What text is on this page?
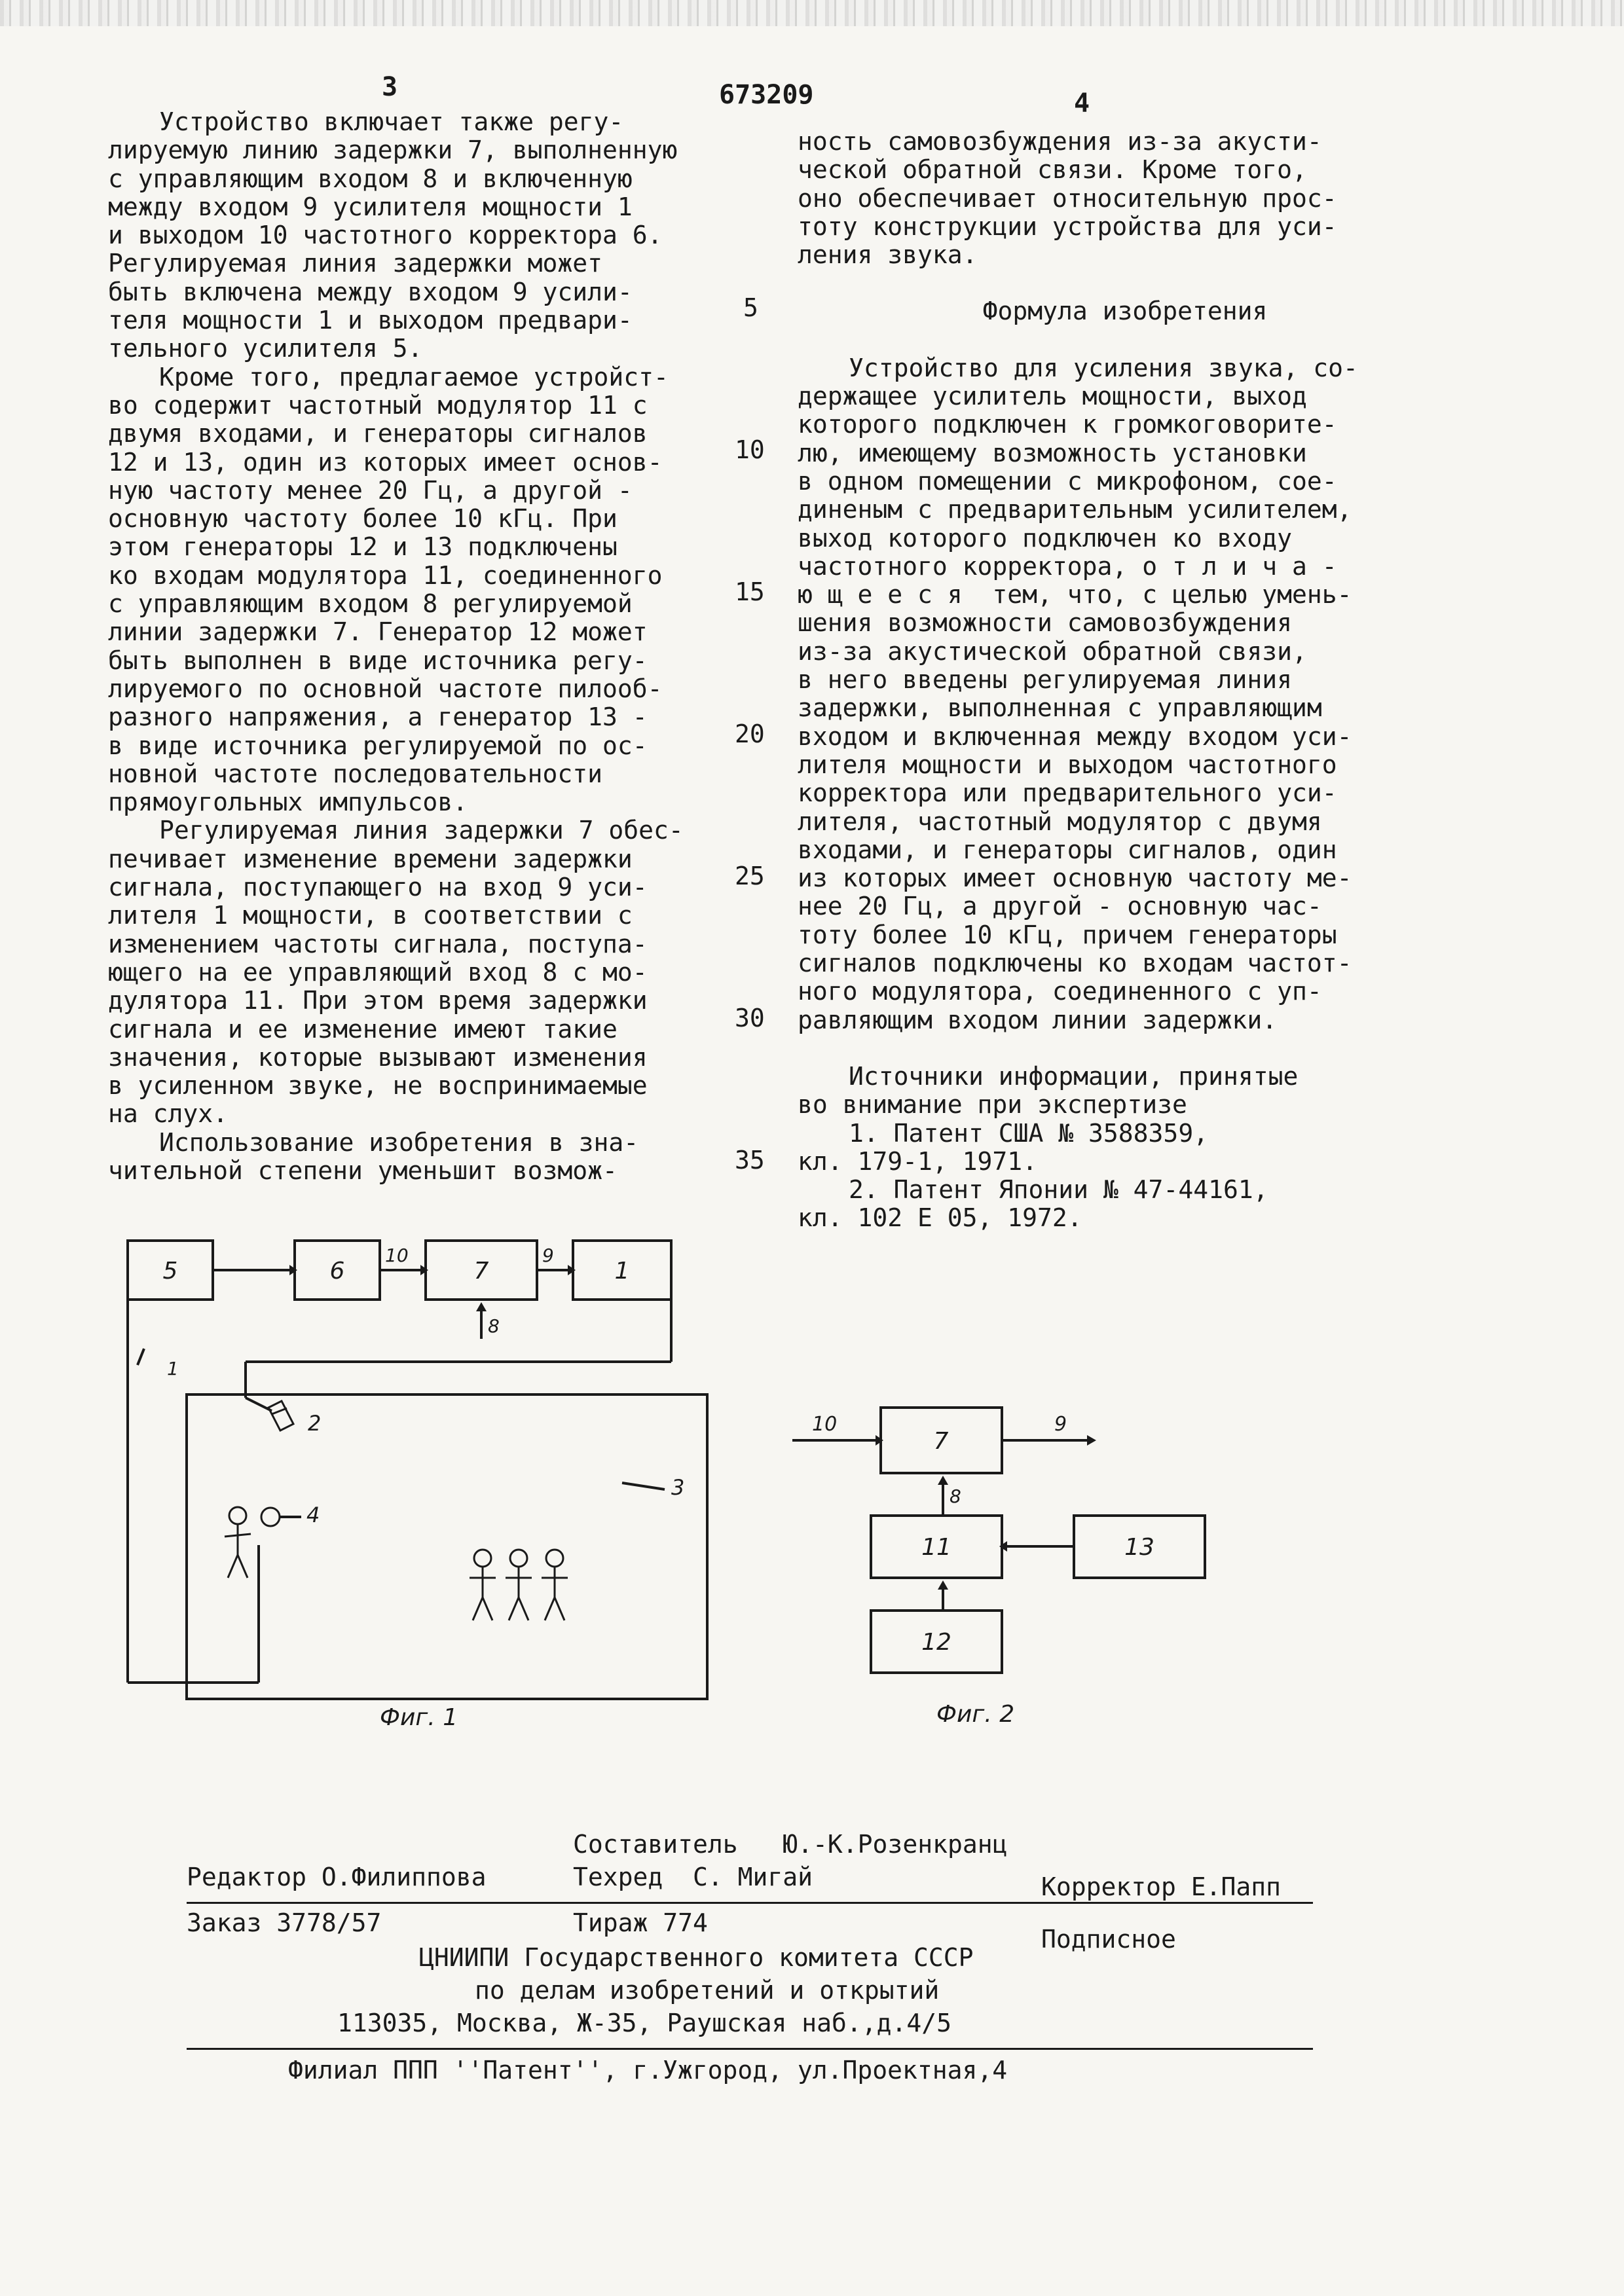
3	673209	4

Устройство включает также регу-

лируемую линию задержки 7, выполненную

с управляющим входом 8 и включенную

между входом 9 усилителя мощности 1

и выходом 10 частотного корректора 6.

Регулируемая линия задержки может

быть включена между входом 9 усили-

теля мощности 1 и выходом предвари-

тельного усилителя 5.

Кроме того, предлагаемое устройст-

во содержит частотный модулятор 11 с

двумя входами, и генераторы сигналов

12 и 13, один из которых имеет основ-

ную частоту менее 20 Гц, а другой -

основную частоту более 10 кГц. При

этом генераторы 12 и 13 подключены

ко входам модулятора 11, соединенного

с управляющим входом 8 регулируемой

линии задержки 7. Генератор 12 может

быть выполнен в виде источника регу-

лируемого по основной частоте пилооб-

разного напряжения, а генератор 13 -

в виде источника регулируемой по ос-

новной частоте последовательности

прямоугольных импульсов.

Регулируемая линия задержки 7 обес-

печивает изменение времени задержки

сигнала, поступающего на вход 9 уси-

лителя 1 мощности, в соответствии с

изменением частоты сигнала, поступа-

ющего на ее управляющий вход 8 с мо-

дулятора 11. При этом время задержки

сигнала и ее изменение имеют такие

значения, которые вызывают изменения

в усиленном звуке, не воспринимаемые

на слух.

Использование изобретения в зна-

чительной степени уменьшит возмож-

ность самовозбуждения из-за акусти-

ческой обратной связи. Кроме того,

оно обеспечивает относительную прос-

тоту конструкции устройства для уси-

ления звука.

Формула изобретения

Устройство для усиления звука, со-

держащее усилитель мощности, выход

которого подключен к громкоговорите-

лю, имеющему возможность установки

в одном помещении с микрофоном, сое-

диненым с предварительным усилителем,

выход которого подключен ко входу

частотного корректора, о т л и ч а -

ю щ е е с я  тем, что, с целью умень-

шения возможности самовозбуждения

из-за акустической обратной связи,

в него введены регулируемая линия

задержки, выполненная с управляющим

входом и включенная между входом уси-

лителя мощности и выходом частотного

корректора или предварительного уси-

лителя, частотный модулятор с двумя

входами, и генераторы сигналов, один

из которых имеет основную частоту ме-

нее 20 Гц, а другой - основную час-

тоту более 10 кГц, причем генераторы

сигналов подключены ко входам частот-

ного модулятора, соединенного с уп-

равляющим входом линии задержки.

Источники информации, принятые

во внимание при экспертизе

1. Патент США № 3588359,

кл. 179-1, 1971.

2. Патент Японии № 47-44161,

кл. 102 Е 05, 1972.

5
10
15
20
25
30
35
5	6	7	1
10	9
8
2
3
4
1
Фиг. 1
7
11
12
13
10	9
8
Фиг. 2
Составитель   Ю.-К.Розенкранц
Редактор О.Филиппова	Техред  С. Мигай	Корректор Е.Папп
Заказ 3778/57	Тираж 774
Подписное
ЦНИИПИ Государственного комитета СССР
по делам изобретений и открытий
113035, Москва, Ж-35, Раушская наб.,д.4/5
Филиал ППП ''Патент'', г.Ужгород, ул.Проектная,4
